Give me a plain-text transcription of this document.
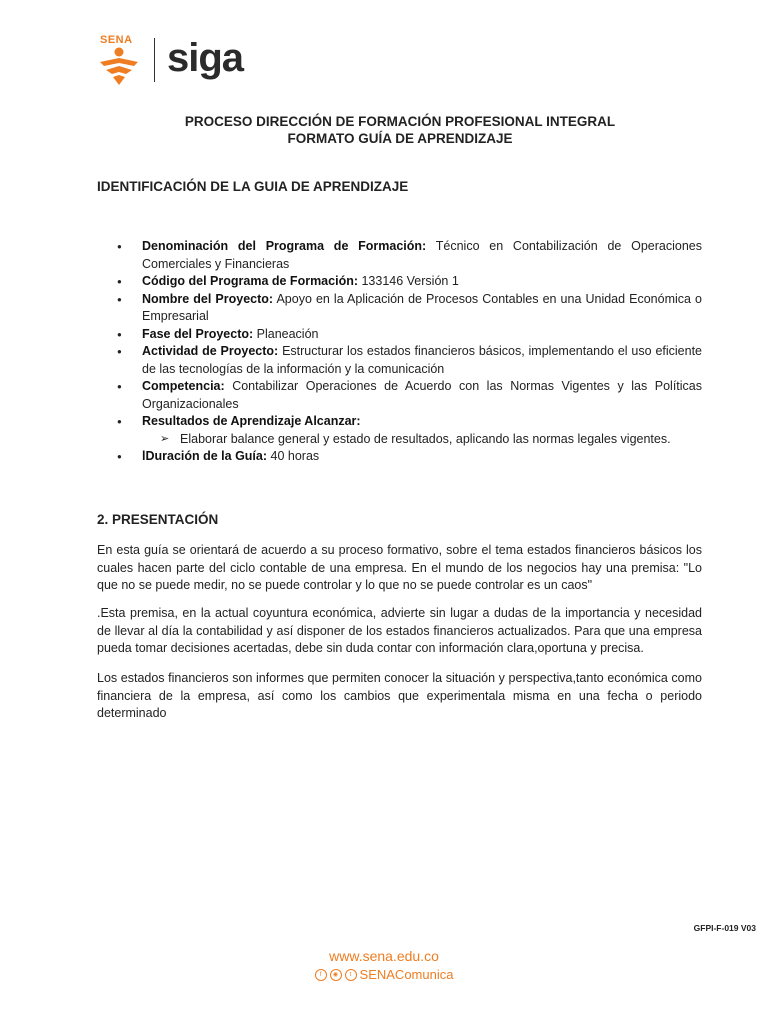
SENA siga
PROCESO DIRECCIÓN DE FORMACIÓN PROFESIONAL INTEGRAL
FORMATO GUÍA DE APRENDIZAJE
IDENTIFICACIÓN DE LA GUIA DE APRENDIZAJE
● Denominación del Programa de Formación: Técnico en Contabilización de Operaciones Comerciales y Financieras
● Código del Programa de Formación: 133146 Versión 1
● Nombre del Proyecto: Apoyo en la Aplicación de Procesos Contables en una Unidad Económica o Empresarial
● Fase del Proyecto: Planeación
● Actividad de Proyecto: Estructurar los estados financieros básicos, implementando el uso eficiente de las tecnologías de la información y la comunicación
● Competencia: Contabilizar Operaciones de Acuerdo con las Normas Vigentes y las Políticas Organizacionales
● Resultados de Aprendizaje Alcanzar:
➢ Elaborar balance general y estado de resultados, aplicando las normas legales vigentes.
● lDuración de la Guía: 40 horas
2. PRESENTACIÓN

En esta guía se orientará de acuerdo a su proceso formativo, sobre el tema estados financieros básicos los cuales hacen parte del ciclo contable de una empresa. En el mundo de los negocios hay una premisa: "Lo que no se puede medir, no se puede controlar y lo que no se puede controlar es un caos"

.Esta premisa, en la actual coyuntura económica, advierte sin lugar a dudas de la importancia y necesidad de llevar al día la contabilidad y así disponer de los estados financieros actualizados. Para que una empresa pueda tomar decisiones acertadas, debe sin duda contar con información clara,oportuna y precisa.

Los estados financieros son informes que permiten conocer la situación y perspectiva,tanto económica como financiera de la empresa, así como los cambios que experimentala misma en una fecha o periodo determinado

GFPI-F-019 V03
www.sena.edu.co
f	◉	t SENAComunica
